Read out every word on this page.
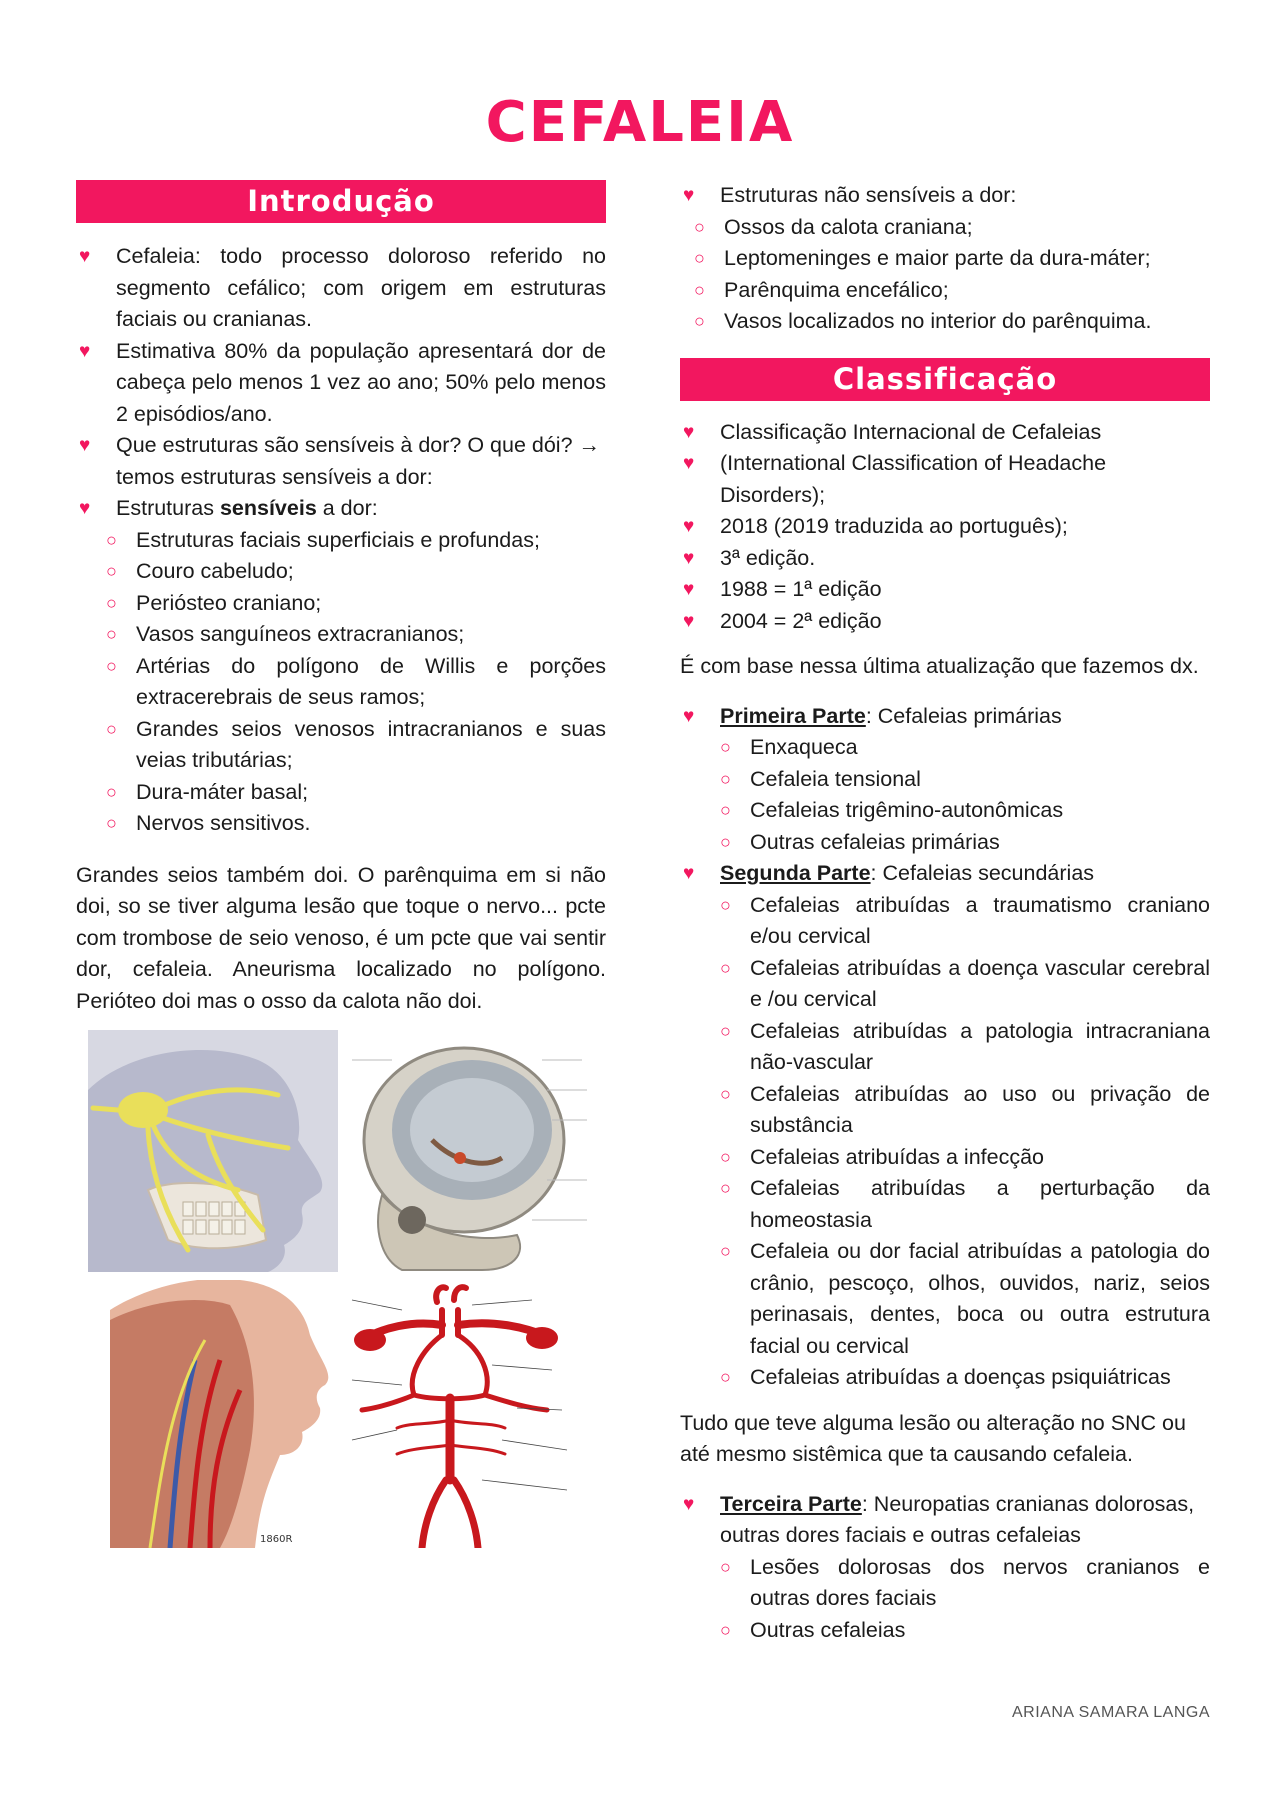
CEFALEIA
Introdução
♥ Cefaleia: todo processo doloroso referido no segmento cefálico; com origem em estruturas faciais ou cranianas.
♥ Estimativa 80% da população apresentará dor de cabeça pelo menos 1 vez ao ano; 50% pelo menos 2 episódios/ano.
♥ Que estruturas são sensíveis à dor? O que dói? → temos estruturas sensíveis a dor:
♥ Estruturas sensíveis a dor:
○ Estruturas faciais superficiais e profundas;
○ Couro cabeludo;
○ Periósteo craniano;
○ Vasos sanguíneos extracranianos;
○ Artérias do polígono de Willis e porções extracerebrais de seus ramos;
○ Grandes seios venosos intracranianos e suas veias tributárias;
○ Dura-máter basal;
○ Nervos sensitivos.

Grandes seios também doi. O parênquima em si não doi, so se tiver alguma lesão que toque o nervo... pcte com trombose de seio venoso, é um pcte que vai sentir dor, cefaleia. Aneurisma localizado no polígono. Perióteo doi mas o osso da calota não doi.

1860R
♥ Estruturas não sensíveis a dor:
○ Ossos da calota craniana;
○ Leptomeninges e maior parte da dura-máter;
○ Parênquima encefálico;
○ Vasos localizados no interior do parênquima.
Classificação
♥ Classificação Internacional de Cefaleias
♥ (International Classification of Headache Disorders);
♥ 2018 (2019 traduzida ao português);
♥ 3ª edição.
♥ 1988 = 1ª edição
♥ 2004 = 2ª edição

É com base nessa última atualização que fazemos dx.

♥ Primeira Parte: Cefaleias primárias
○ Enxaqueca
○ Cefaleia tensional
○ Cefaleias trigêmino-autonômicas
○ Outras cefaleias primárias
♥ Segunda Parte: Cefaleias secundárias
○ Cefaleias atribuídas a traumatismo craniano e/ou cervical
○ Cefaleias atribuídas a doença vascular cerebral e /ou cervical
○ Cefaleias atribuídas a patologia intracraniana não-vascular
○ Cefaleias atribuídas ao uso ou privação de substância
○ Cefaleias atribuídas a infecção
○ Cefaleias atribuídas a perturbação da homeostasia
○ Cefaleia ou dor facial atribuídas a patologia do crânio, pescoço, olhos, ouvidos, nariz, seios perinasais, dentes, boca ou outra estrutura facial ou cervical
○ Cefaleias atribuídas a doenças psiquiátricas

Tudo que teve alguma lesão ou alteração no SNC ou até mesmo sistêmica que ta causando cefaleia.

♥ Terceira Parte: Neuropatias cranianas dolorosas, outras dores faciais e outras cefaleias
○ Lesões dolorosas dos nervos cranianos e outras dores faciais
○ Outras cefaleias
ARIANA SAMARA LANGA
